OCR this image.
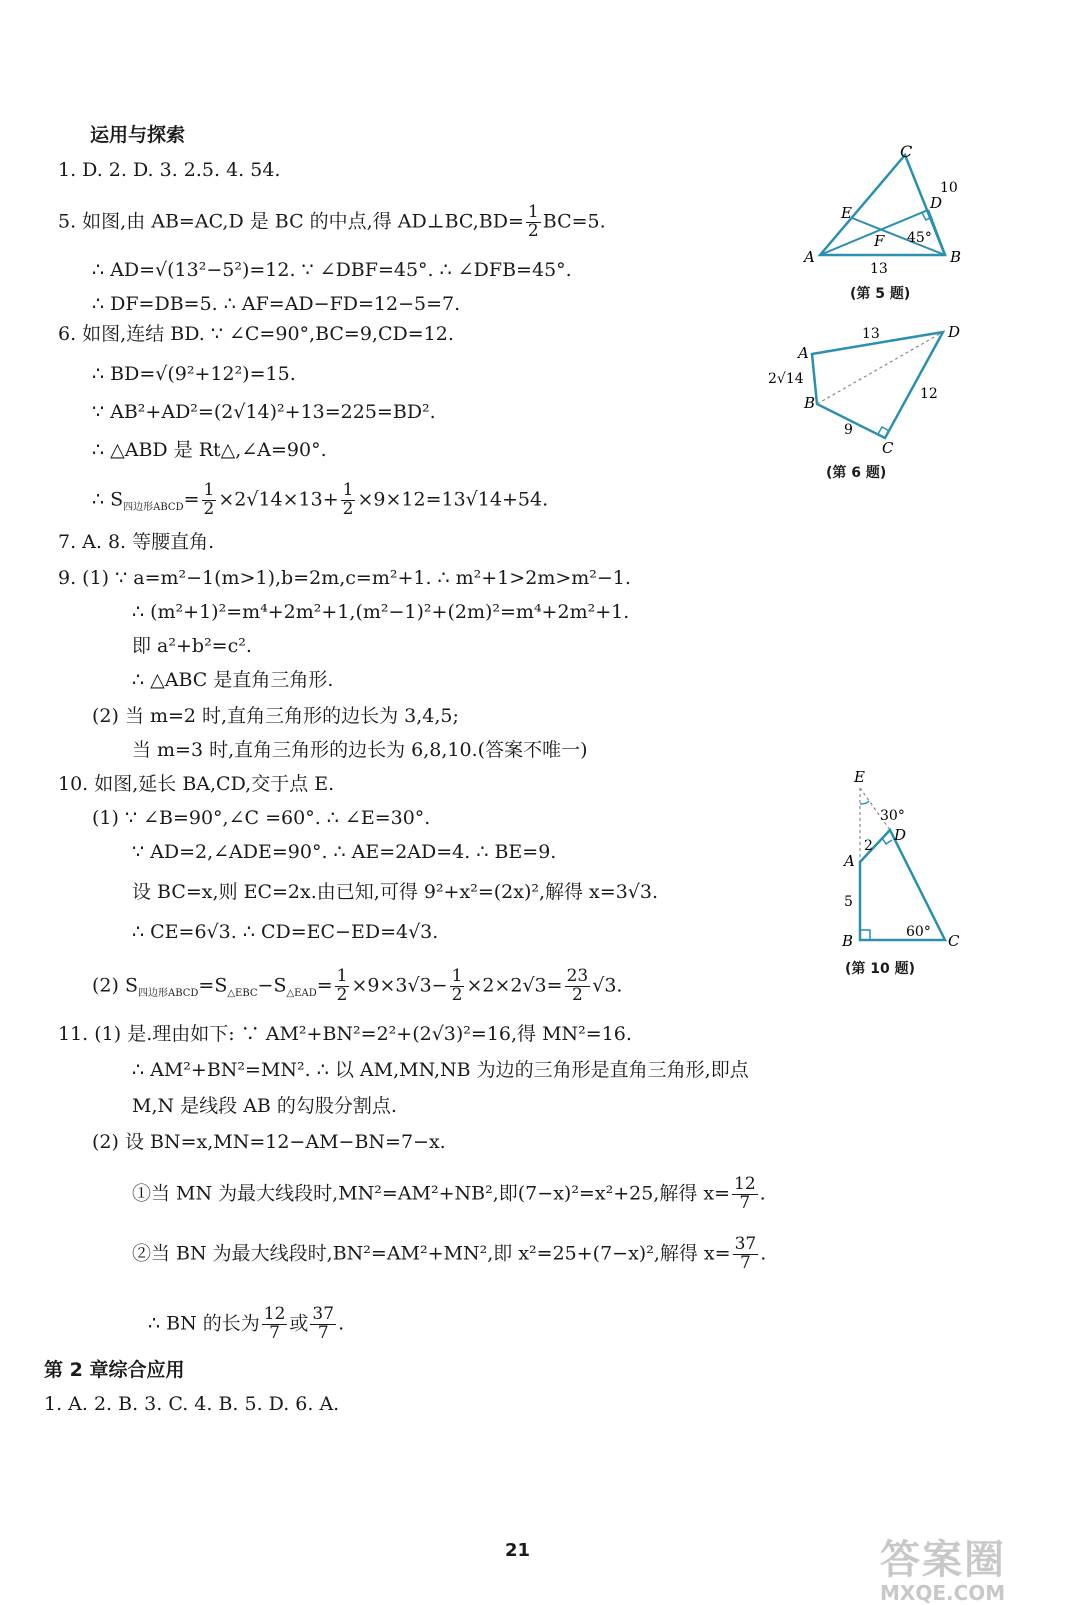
运用与探索
1. D. 2. D. 3. 2.5. 4. 54.
5. 如图,由 AB=AC,D 是 BC 的中点,得 AD⊥BC,BD= $\frac{1}{2} BC=5$.
∴ AD=√(13²−5²)=12. ∵ ∠DBF=45°. ∴ ∠DFB=45°.
∴ DF=DB=5. ∴ AF=AD−FD=12−5=7.
6. 如图,连结 BD. ∵ ∠C=90°,BC=9,CD=12.
∴ BD=√(9²+12²)=15.
∵ AB²+AD²=(2√14)²+13=225=BD².
∴ △ABD 是 Rt△,∠A=90°.
∴ $S_{四边形ABCD}= \frac{1}{2} \times 2√14\times 13+ \frac{1}{2} \times 9\times 12=13√14+54$.
7. A. 8. 等腰直角.
9. (1) ∵ a=m²−1(m>1),b=2m,c=m²+1. ∴ m²+1>2m>m²−1.
∴ (m²+1)²=m⁴+2m²+1,(m²−1)²+(2m)²=m⁴+2m²+1.
即 a²+b²=c².
∴ △ABC 是直角三角形.
(2) 当 m=2 时,直角三角形的边长为 3,4,5;
当 m=3 时,直角三角形的边长为 6,8,10.(答案不唯一)
10. 如图,延长 BA,CD,交于点 E.
(1) ∵ ∠B=90°,∠C =60°. ∴ ∠E=30°.
∵ AD=2,∠ADE=90°. ∴ AE=2AD=4. ∴ BE=9.
设 BC=x,则 EC=2x.由已知,可得 9²+x²=(2x)²,解得 x=3√3.
∴ CE=6√3. ∴ CD=EC−ED=4√3.
(2) $S_{四边形ABCD}=S_{\triangle EBC}-S_{\triangle EAD}= \frac{1}{2} \times 9\times 3√3- \frac{1}{2} \times 2\times 2√3= \frac{23}{2} √3$.
11. (1) 是.理由如下: ∵ AM²+BN²=2²+(2√3)²=16,得 MN²=16.
∴ AM²+BN²=MN². ∴ 以 AM,MN,NB 为边的三角形是直角三角形,即点
M,N 是线段 AB 的勾股分割点.
(2) 设 BN=x,MN=12−AM−BN=7−x.
①当 MN 为最大线段时,MN²=AM²+NB²,即(7−x)²=x²+25,解得 $x= \frac{12}{7}$ .
②当 BN 为最大线段时,BN²=AM²+MN²,即 x²=25+(7−x)²,解得 $x= \frac{37}{7}$ .
∴ BN 的长为 $\frac{12}{7}$ 或 $\frac{37}{7}$ .
第 2 章综合应用
1. A. 2. B. 3. C. 4. B. 5. D. 6. A.
C
10
D
E
F 45°
A	B
13
(第 5 题)
13	D
A
2√14
12
B
9
C
(第 6 题)
E
30°
D
2
A
5
60°
B	C
(第 10 题)
21	答案圈
MXQE.COM
